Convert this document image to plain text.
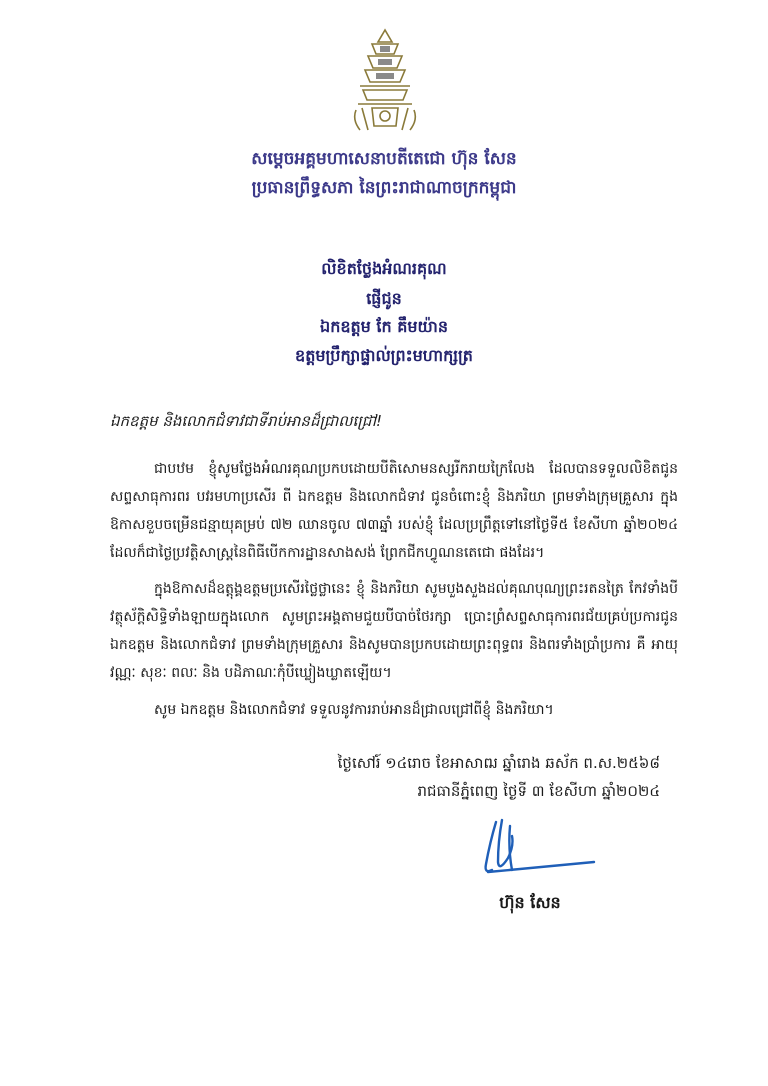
សម្តេចអគ្គមហាសេនាបតីតេជោ ហ៊ុន សែន
ប្រធានព្រឹទ្ធសភា នៃព្រះរាជាណាចក្រកម្ពុជា
លិខិតថ្លែងអំណរគុណ
ផ្ញើជូន
ឯកឧត្តម កែ គឹមយ៉ាន
ឧត្តមប្រឹក្សាផ្ទាល់ព្រះមហាក្សត្រ
ឯកឧត្តម និងលោកជំទាវជាទីរាប់អានដ៏ជ្រាលជ្រៅ!
ជាបឋម ខ្ញុំសូមថ្លែងអំណរគុណប្រកបដោយបីតិសោមនស្សរីករាយក្រៃលែង ដែលបានទទួលលិខិតជូនសព្ទសាធុការពរ បវរមហាប្រសើរ ពី ឯកឧត្តម និងលោកជំទាវ ជូនចំពោះខ្ញុំ និងភរិយា ព្រមទាំងក្រុមគ្រួសារ ក្នុងឱកាសខួបចម្រើនជន្មាយុគម្រប់ ៧២ ឈានចូល ៧៣ឆ្នាំ របស់ខ្ញុំ ដែលប្រព្រឹត្តទៅនៅថ្ងៃទី៥ ខែសីហា ឆ្នាំ២០២៤ ដែលក៏ជាថ្ងៃប្រវត្តិសាស្ត្រនៃពិធីបើកការដ្ឋានសាងសង់ ព្រែកជីកហ្វូណនតេជោ ផងដែរ។
ក្នុងឱកាសដ៏ឧត្តុង្គឧត្តមប្រសើរថ្លៃថ្លានេះ ខ្ញុំ និងភរិយា សូមបួងសួងដល់គុណបុណ្យព្រះរតនត្រៃ កែវទាំងបី វត្ថុស័ក្តិសិទ្ធិទាំងឡាយក្នុងលោក សូមព្រះអង្គតាមជួយបីបាច់ថែរក្សា ប្រោះព្រំសព្ទសាធុការពរជ័យគ្រប់ប្រការជូន ឯកឧត្តម និងលោកជំទាវ ព្រមទាំងក្រុមគ្រួសារ និងសូមបានប្រកបដោយព្រះពុទ្ធពរ និងពរទាំងប្រាំប្រការ គឺ អាយុ វណ្ណៈ សុខៈ ពលៈ និង បដិភាណៈកុំបីឃ្លៀងឃ្លាតឡើយ។
សូម ឯកឧត្តម និងលោកជំទាវ ទទួលនូវការរាប់អានដ៏ជ្រាលជ្រៅពីខ្ញុំ និងភរិយា។
ថ្ងៃសៅរ៍ ១៤រោច ខែអាសាឍ ឆ្នាំរោង ឆស័ក ព.ស.២៥៦៨
រាជធានីភ្នំពេញ ថ្ងៃទី ៣ ខែសីហា ឆ្នាំ២០២៤
ហ៊ុន សែន
